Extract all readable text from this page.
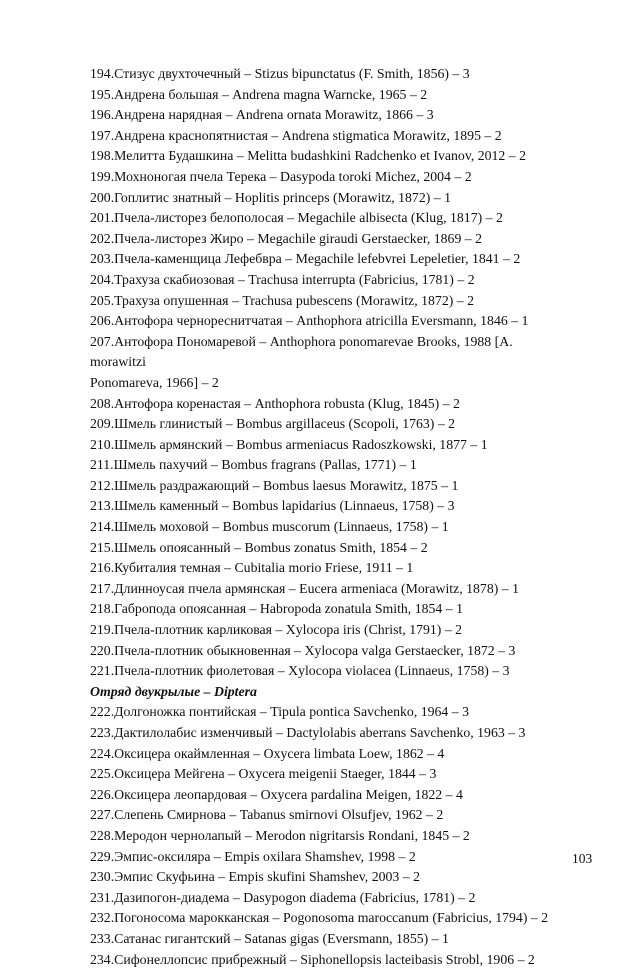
194.Стизус двухточечный – Stizus bipunctatus (F. Smith, 1856) – 3
195.Андрена большая – Andrena magna Warncke, 1965 – 2
196.Андрена нарядная – Andrena ornata Morawitz, 1866 – 3
197.Андрена краснопятнистая – Andrena stigmatica Morawitz, 1895 – 2
198.Мелитта Будашкина – Melitta budashkini Radchenko et Ivanov, 2012 – 2
199.Мохноногая пчела Терека – Dasypoda toroki Michez, 2004 – 2
200.Гоплитис знатный – Hoplitis princeps (Morawitz, 1872) – 1
201.Пчела-листорез белополосая – Megachile albisecta (Klug, 1817) – 2
202.Пчела-листорез Жиро – Megachile giraudi Gerstaecker, 1869 – 2
203.Пчела-каменщица Лефебвра – Megachile lefebvrei Lepeletier, 1841 – 2
204.Трахуза скабиозовая – Trachusa interrupta (Fabricius, 1781) – 2
205.Трахуза опушенная – Trachusa pubescens (Morawitz, 1872) – 2
206.Антофора чернореснитчатая – Anthophora atricilla Eversmann, 1846 – 1
207.Антофора Пономаревой – Anthophora ponomarevae Brooks, 1988 [A.
morawitzi
Ponomareva, 1966] – 2
208.Антофора коренастая – Anthophora robusta (Klug, 1845) – 2
209.Шмель глинистый – Bombus argillaceus (Scopoli, 1763) – 2
210.Шмель армянский – Bombus armeniacus Radoszkowski, 1877 – 1
211.Шмель пахучий – Bombus fragrans (Pallas, 1771) – 1
212.Шмель раздражающий – Bombus laesus Morawitz, 1875 – 1
213.Шмель каменный – Bombus lapidarius (Linnaeus, 1758) – 3
214.Шмель моховой – Bombus muscorum (Linnaeus, 1758) – 1
215.Шмель опоясанный – Bombus zonatus Smith, 1854 – 2
216.Кубиталия темная – Cubitalia morio Friese, 1911 – 1
217.Длинноусая пчела армянская – Eucera armeniaca (Morawitz, 1878) – 1
218.Габропода опоясанная – Habropoda zonatula Smith, 1854 – 1
219.Пчела-плотник карликовая – Xylocopa iris (Christ, 1791) – 2
220.Пчела-плотник обыкновенная – Xylocopa valga Gerstaecker, 1872 – 3
221.Пчела-плотник фиолетовая – Xylocopa violacea (Linnaeus, 1758) – 3
Отряд двукрылые – Diptera
222.Долгоножка понтийская – Tipula pontica Savchenko, 1964 – 3
223.Дактилолабис изменчивый – Dactylolabis aberrans Savchenko, 1963 – 3
224.Оксицера окаймленная – Oxycera limbata Loew, 1862 – 4
225.Оксицера Мейгена – Oxycera meigenii Staeger, 1844 – 3
226.Оксицера леопардовая – Oxycera pardalina Meigen, 1822 – 4
227.Слепень Смирнова – Tabanus smirnovi Olsufjev, 1962 – 2
228.Меродон чернолапый – Merodon nigritarsis Rondani, 1845 – 2
229.Эмпис-оксиляра – Empis oxilara Shamshev, 1998 – 2
230.Эмпис Скуфьина – Empis skufini Shamshev, 2003 – 2
231.Дазипогон-диадема – Dasypogon diadema (Fabricius, 1781) – 2
232.Погоносома марокканская – Pogonosoma maroccanum (Fabricius, 1794) – 2
233.Сатанас гигантский – Satanas gigas (Eversmann, 1855) – 1
234.Сифонеллопсис прибрежный – Siphonellopsis lacteibasis Strobl, 1906 – 2
103
